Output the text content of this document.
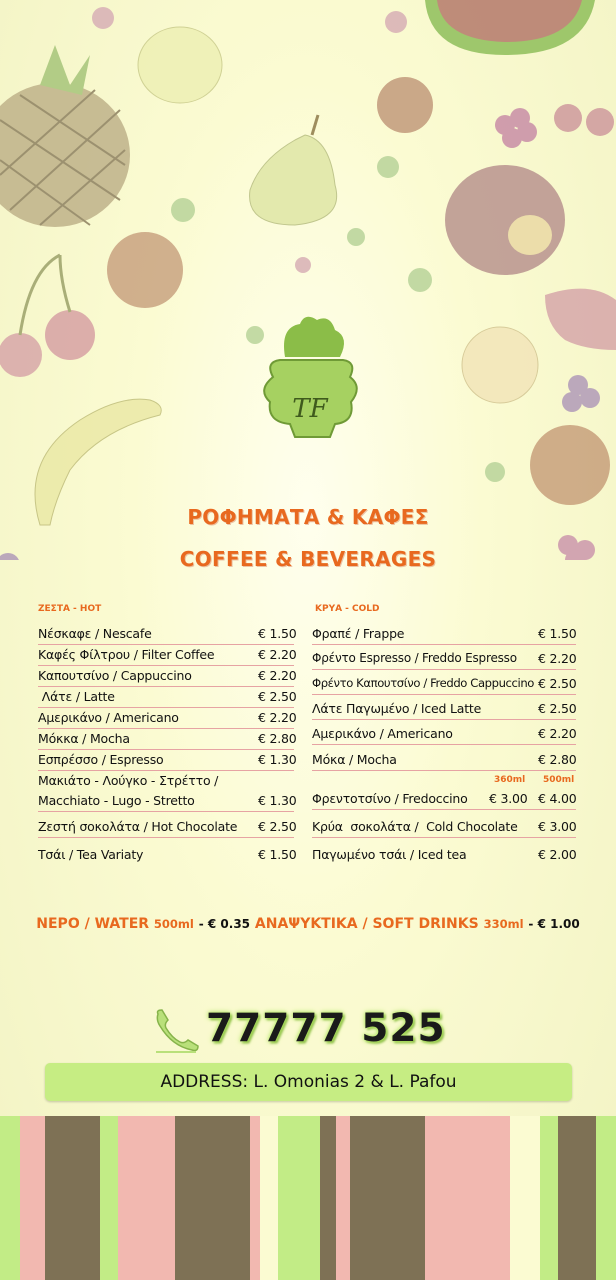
TF
ΡΟΦΗΜΑΤΑ & ΚΑΦΕΣ
COFFEE & BEVERAGES
ΖΕΣΤΑ - HOT	ΚΡΥΑ - COLD
Νέσκαφε / Nescafe	€ 1.50
Καφές Φίλτρου / Filter Coffee	€ 2.20
Καπουτσίνο / Cappuccino	€ 2.20
Λάτε / Latte	€ 2.50
Αμερικάνο / Americano	€ 2.20
Μόκκα / Mocha	€ 2.80
Εσπρέσσο / Espresso	€ 1.30
Μακιάτο - Λούγκο - Στρέττο /
Macchiato - Lugo - Stretto	€ 1.30
Ζεστή σοκολάτα / Hot Chocolate € 2.50
Τσάι / Tea Variaty	€ 1.50
Φραπέ / Frappe	€ 1.50
Φρέντο Espresso / Freddo Espresso € 2.20
Φρέντο Καπουτσίνο / Freddo Cappuccino € 2.50
Λάτε Παγωμένο / Iced Latte	€ 2.50
Αμερικάνο / Americano	€ 2.20
Μόκα / Mocha	€ 2.80
360ml 500ml
Φρεντοτσίνο / Fredoccino € 3.00 € 4.00
Κρύα  σοκολάτα /  Cold Chocolate € 3.00
Παγωμένο τσάι / Iced tea	€ 2.00
ΝΕΡΟ / WATER 500ml - € 0.35 ΑΝΑΨΥΚΤΙΚΑ / SOFT DRINKS 330ml - € 1.00
77777 525
ADDRESS: L. Omonias 2 & L. Pafou
